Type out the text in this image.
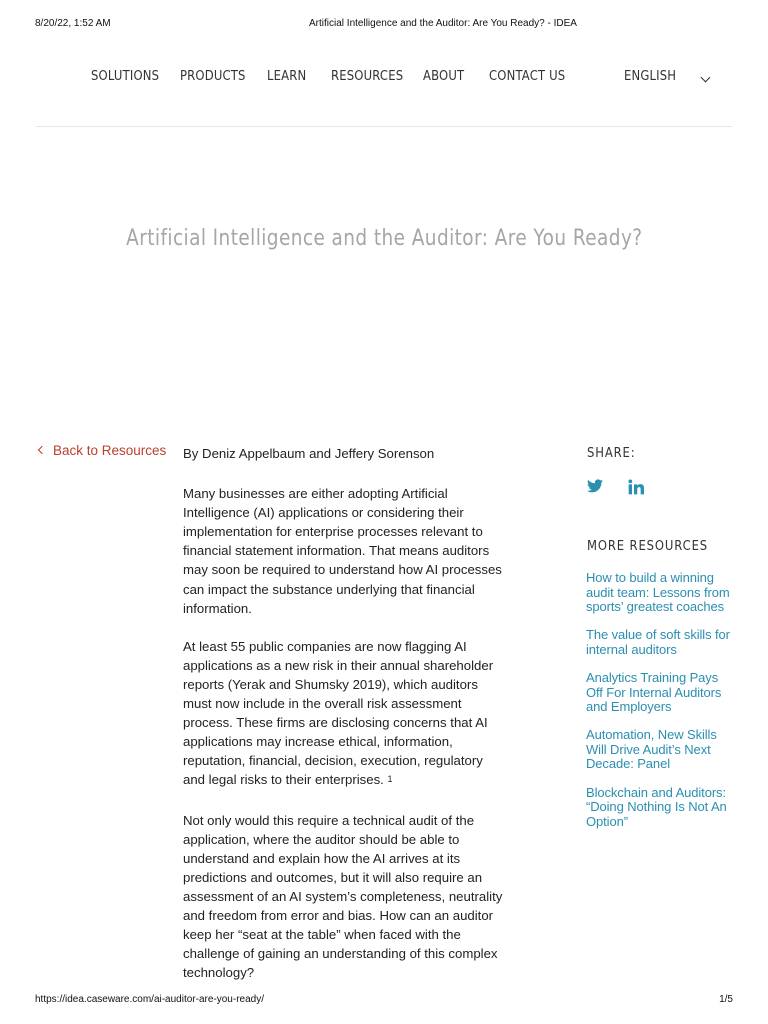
8/20/22, 1:52 AM	Artificial Intelligence and the Auditor: Are You Ready? - IDEA
SOLUTIONS PRODUCTS LEARN RESOURCES ABOUT CONTACT US	ENGLISH
Artificial Intelligence and the Auditor: Are You Ready?
Back to Resources By Deniz Appelbaum and Jeffery Sorenson

Many businesses are either adopting Artificial Intelligence (AI) applications or considering their implementation for enterprise processes relevant to financial statement information. That means auditors may soon be required to understand how AI processes can impact the substance underlying that financial information.

At least 55 public companies are now flagging AI applications as a new risk in their annual shareholder reports (Yerak and Shumsky 2019), which auditors must now include in the overall risk assessment process. These firms are disclosing concerns that AI applications may increase ethical, information, reputation, financial, decision, execution, regulatory and legal risks to their enterprises. $^1$

Not only would this require a technical audit of the application, where the auditor should be able to understand and explain how the AI arrives at its predictions and outcomes, but it will also require an assessment of an AI system’s completeness, neutrality and freedom from error and bias. How can an auditor keep her “seat at the table” when faced with the challenge of gaining an understanding of this complex technology?

SHARE:
MORE RESOURCES
How to build a winning audit team: Lessons from sports’ greatest coaches
The value of soft skills for internal auditors
Analytics Training Pays Off For Internal Auditors and Employers
Automation, New Skills Will Drive Audit’s Next Decade: Panel
Blockchain and Auditors: “Doing Nothing Is Not An Option”
https://idea.caseware.com/ai-auditor-are-you-ready/	1/5
